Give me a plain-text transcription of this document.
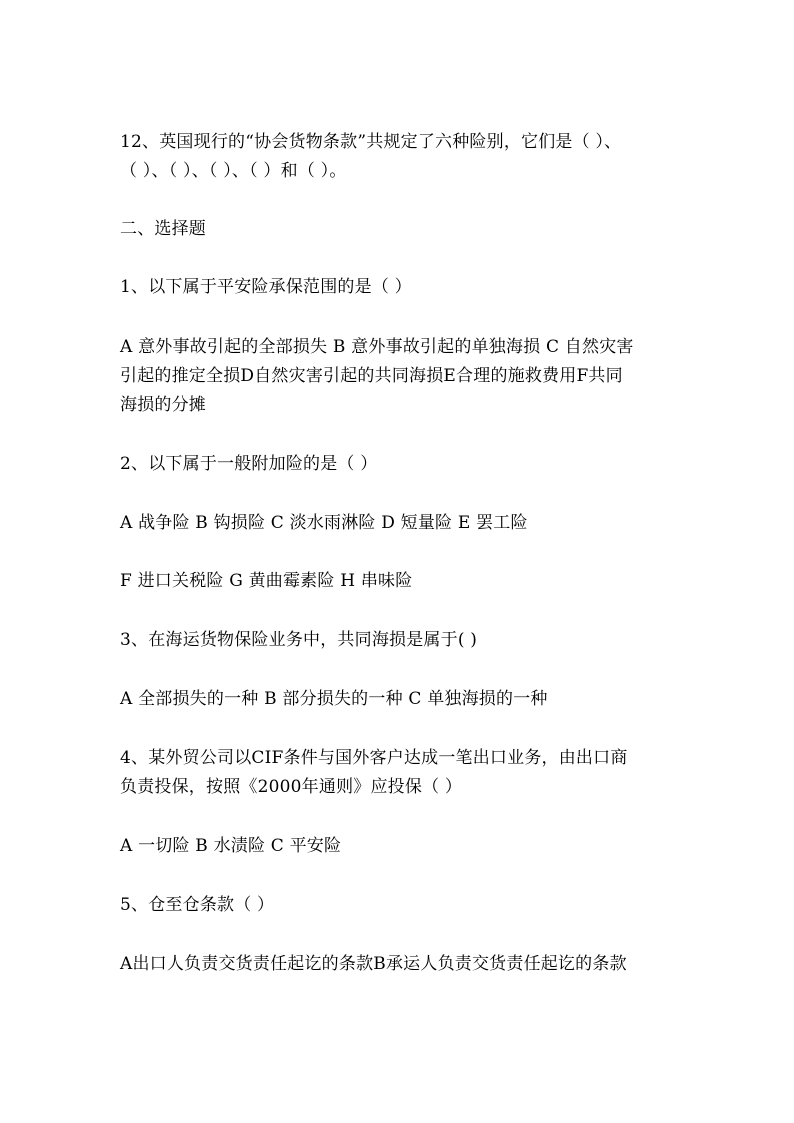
12、英国现行的“协会货物条款”共规定了六种险别，它们是（ ）、
（ ）、（ ）、（ ）、（ ）和（ ）。
二、选择题
1、以下属于平安险承保范围的是（ ）
A 意外事故引起的全部损失 B 意外事故引起的单独海损 C 自然灾害
引起的推定全损D自然灾害引起的共同海损E合理的施救费用F共同
海损的分摊
2、以下属于一般附加险的是（ ）
A 战争险 B 钩损险 C 淡水雨淋险 D 短量险 E 罢工险
F 进口关税险 G 黄曲霉素险 H 串味险
3、在海运货物保险业务中，共同海损是属于( )
A 全部损失的一种 B 部分损失的一种 C 单独海损的一种
4、某外贸公司以CIF条件与国外客户达成一笔出口业务，由出口商
负责投保，按照《2000年通则》应投保（ ）
A 一切险 B 水渍险 C 平安险
5、仓至仓条款（ ）
A出口人负责交货责任起讫的条款B承运人负责交货责任起讫的条款
